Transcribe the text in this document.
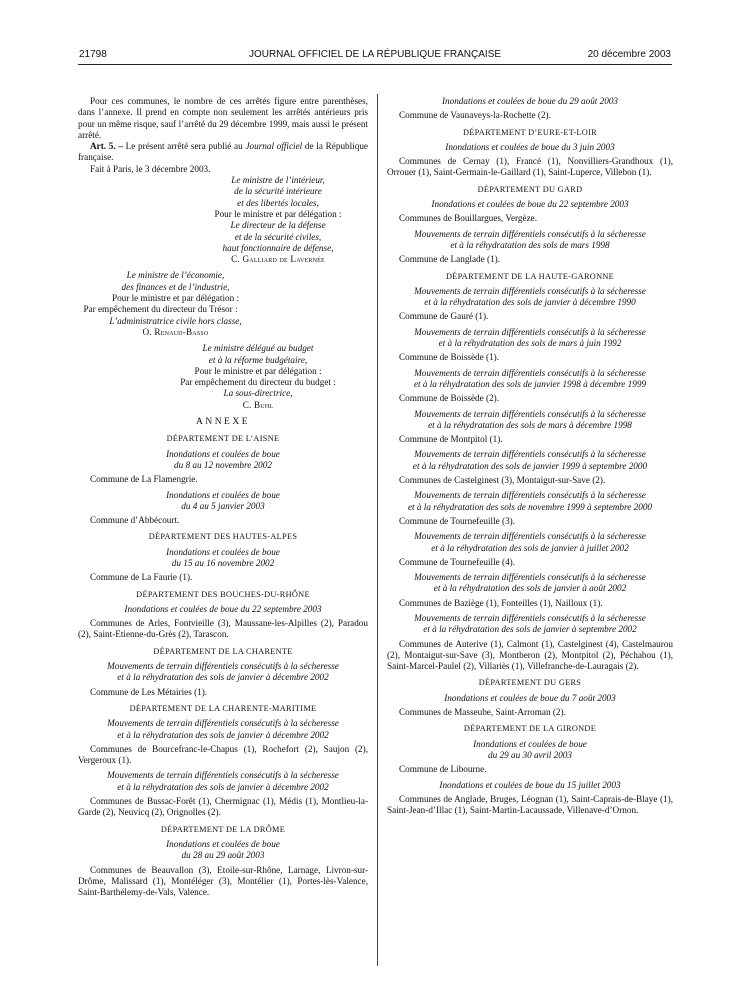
21798	JOURNAL OFFICIEL DE LA RÉPUBLIQUE FRANÇAISE	20 décembre 2003

Pour ces communes, le nombre de ces arrêtés figure entre parenthèses, dans l’annexe. Il prend en compte non seulement les arrêtés antérieurs pris pour un même risque, sauf l’arrêté du 29 décembre 1999, mais aussi le présent arrêté.

Art. 5. – Le présent arrêté sera publié au Journal officiel de la République française.

Fait à Paris, le 3 décembre 2003.

Le ministre de l’intérieur,

de la sécurité intérieure

et des libertés locales,

Pour le ministre et par délégation :

Le directeur de la défense

et de la sécurité civiles,

haut fonctionnaire de défense,

C. Galliard de Lavernée

Le ministre de l’économie,

des finances et de l’industrie,

Pour le ministre et par délégation :

Par empêchement du directeur du Trésor :

L’administratrice civile hors classe,

O. Renaud-Basso

Le ministre délégué au budget

et à la réforme budgétaire,

Pour le ministre et par délégation :

Par empêchement du directeur du budget :

La sous-directrice,

C. Buhl

ANNEXE

DÉPARTEMENT DE L’AISNE

Inondations et coulées de boue

du 8 au 12 novembre 2002

Commune de La Flamengrie.

Inondations et coulées de boue

du 4 au 5 janvier 2003

Commune d’Abbécourt.

DÉPARTEMENT DES HAUTES-ALPES

Inondations et coulées de boue

du 15 au 16 novembre 2002

Commune de La Faurie (1).

DÉPARTEMENT DES BOUCHES-DU-RHÔNE

Inondations et coulées de boue du 22 septembre 2003

Communes de Arles, Fontvieille (3), Maussane-les-Alpilles (2), Paradou (2), Saint-Etienne-du-Grès (2), Tarascon.

DÉPARTEMENT DE LA CHARENTE

Mouvements de terrain différentiels consécutifs à la sécheresse

et à la réhydratation des sols de janvier à décembre 2002

Commune de Les Métairies (1).

DÉPARTEMENT DE LA CHARENTE-MARITIME

Mouvements de terrain différentiels consécutifs à la sécheresse

et à la réhydratation des sols de janvier à décembre 2002

Communes de Bourcefranc-le-Chapus (1), Rochefort (2), Saujon (2), Vergeroux (1).

Mouvements de terrain différentiels consécutifs à la sécheresse

et à la réhydratation des sols de janvier à décembre 2002

Communes de Bussac-Forêt (1), Chermignac (1), Médis (1), Montlieu-la-Garde (2), Neuvicq (2), Orignolles (2).

DÉPARTEMENT DE LA DRÔME

Inondations et coulées de boue

du 28 au 29 août 2003

Communes de Beauvallon (3), Etoile-sur-Rhône, Larnage, Livron-sur-Drôme, Malissard (1), Montéléger (3), Montélier (1), Portes-lès-Valence, Saint-Barthélemy-de-Vals, Valence.

Inondations et coulées de boue du 29 août 2003

Commune de Vaunaveys-la-Rochette (2).

DÉPARTEMENT D’EURE-ET-LOIR

Inondations et coulées de boue du 3 juin 2003

Communes de Cernay (1), Francé (1), Nonvilliers-Grandhoux (1), Orrouer (1), Saint-Germain-le-Gaillard (1), Saint-Luperce, Villebon (1).

DÉPARTEMENT DU GARD

Inondations et coulées de boue du 22 septembre 2003

Communes de Bouillargues, Vergèze.

Mouvements de terrain différentiels consécutifs à la sécheresse

et à la réhydratation des sols de mars 1998

Commune de Langlade (1).

DÉPARTEMENT DE LA HAUTE-GARONNE

Mouvements de terrain différentiels consécutifs à la sécheresse

et à la réhydratation des sols de janvier à décembre 1990

Commune de Gauré (1).

Mouvements de terrain différentiels consécutifs à la sécheresse

et à la réhydratation des sols de mars à juin 1992

Commune de Boissède (1).

Mouvements de terrain différentiels consécutifs à la sécheresse

et à la réhydratation des sols de janvier 1998 à décembre 1999

Commune de Boissède (2).

Mouvements de terrain différentiels consécutifs à la sécheresse

et à la réhydratation des sols de mars à décembre 1998

Commune de Montpitol (1).

Mouvements de terrain différentiels consécutifs à la sécheresse

et à la réhydratation des sols de janvier 1999 à septembre 2000

Communes de Castelginest (3), Montaigut-sur-Save (2).

Mouvements de terrain différentiels consécutifs à la sécheresse

et à la réhydratation des sols de novembre 1999 à septembre 2000

Commune de Tournefeuille (3).

Mouvements de terrain différentiels consécutifs à la sécheresse

et à la réhydratation des sols de janvier à juillet 2002

Commune de Tournefeuille (4).

Mouvements de terrain différentiels consécutifs à la sécheresse

et à la réhydratation des sols de janvier à août 2002

Communes de Baziège (1), Fonteilles (1), Nailloux (1).

Mouvements de terrain différentiels consécutifs à la sécheresse

et à la réhydratation des sols de janvier à septembre 2002

Communes de Auterive (1), Calmont (1), Castelginest (4), Castelmaurou (2), Montaigut-sur-Save (3), Montberon (2), Montpitol (2), Péchabou (1), Saint-Marcel-Paulel (2), Villariès (1), Villefranche-de-Lauragais (2).

DÉPARTEMENT DU GERS

Inondations et coulées de boue du 7 août 2003

Communes de Masseube, Saint-Arroman (2).

DÉPARTEMENT DE LA GIRONDE

Inondations et coulées de boue

du 29 au 30 avril 2003

Commune de Libourne.

Inondations et coulées de boue du 15 juillet 2003

Communes de Anglade, Bruges, Léognan (1), Saint-Caprais-de-Blaye (1), Saint-Jean-d’Illac (1), Saint-Martin-Lacaussade, Villenave-d’Ornon.
